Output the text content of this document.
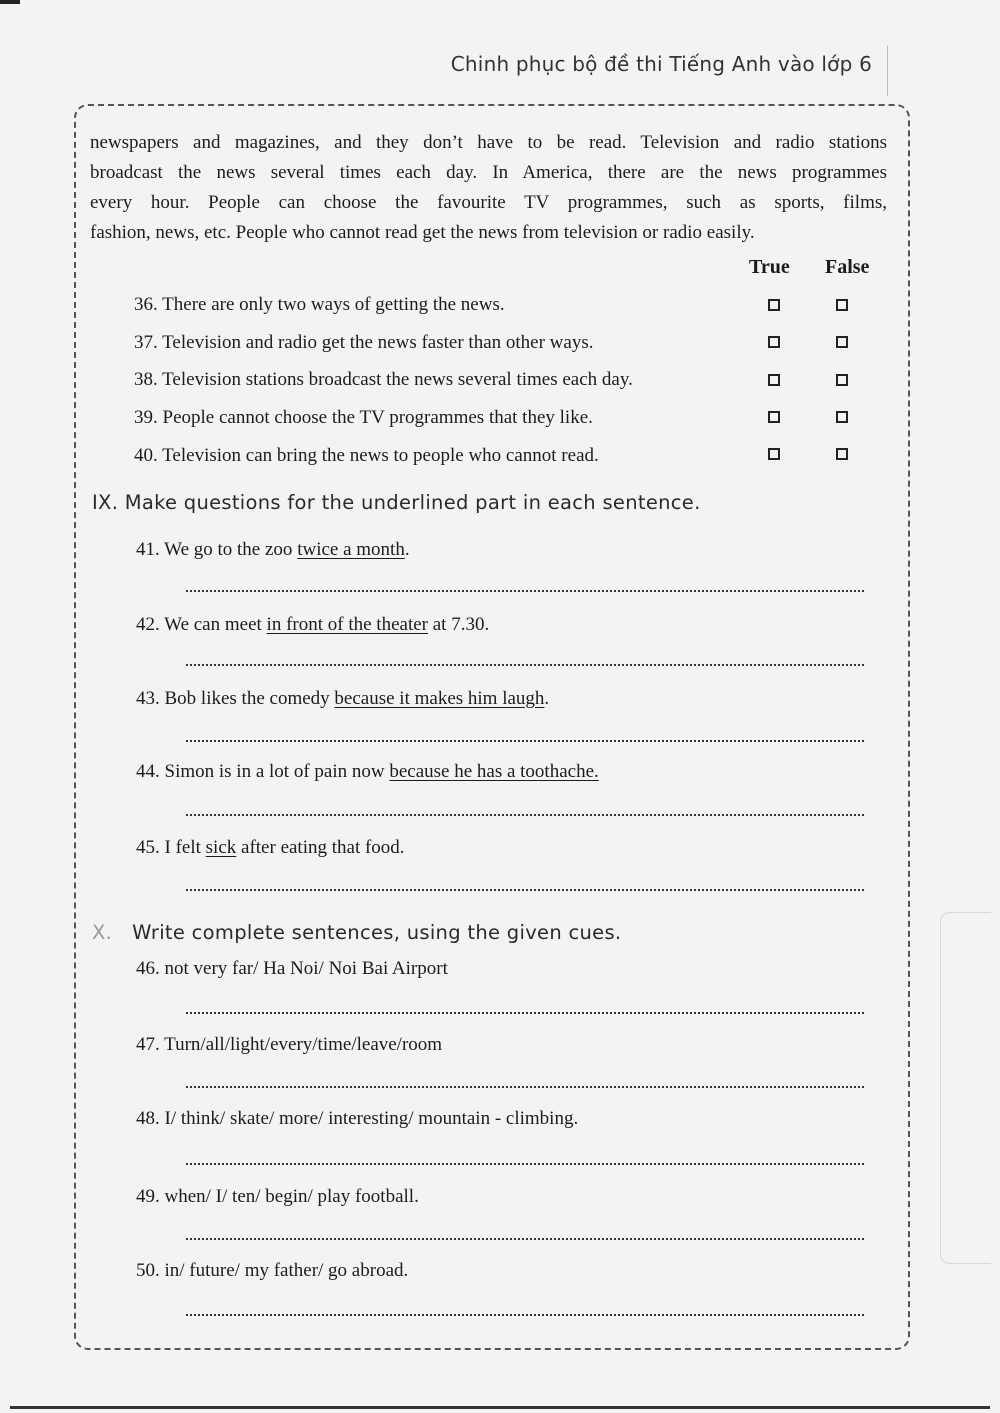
Chinh phục bộ đề thi Tiếng Anh vào lớp 6
newspapers and magazines, and they don’t have to be read. Television and radio stations
broadcast the news several times each day. In America, there are the news programmes
every hour. People can choose the favourite TV programmes, such as sports, films,
fashion, news, etc. People who cannot read get the news from television or radio easily.
True False
36. There are only two ways of getting the news.
37. Television and radio get the news faster than other ways.
38. Television stations broadcast the news several times each day.
39. People cannot choose the TV programmes that they like.
40. Television can bring the news to people who cannot read.
IX. Make questions for the underlined part in each sentence.
41. We go to the zoo twice a month.
42. We can meet in front of the theater at 7.30.
43. Bob likes the comedy because it makes him laugh.
44. Simon is in a lot of pain now because he has a toothache.
45. I felt sick after eating that food.
X. Write complete sentences, using the given cues.
46. not very far/ Ha Noi/ Noi Bai Airport
47. Turn/all/light/every/time/leave/room
48. I/ think/ skate/ more/ interesting/ mountain - climbing.
49. when/ I/ ten/ begin/ play football.
50. in/ future/ my father/ go abroad.
